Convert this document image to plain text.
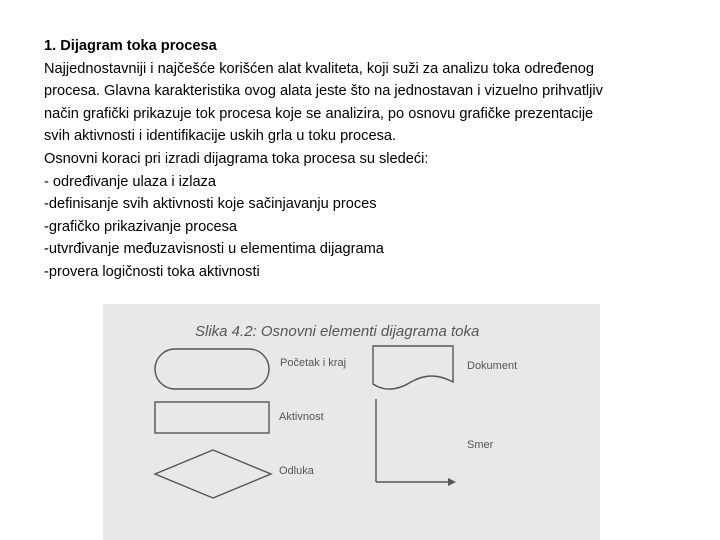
1. Dijagram toka procesa

Najjednostavniji i najčešće korišćen alat kvaliteta, koji suži za analizu toka određenog

procesa. Glavna karakteristika ovog alata jeste što na jednostavan i vizuelno prihvatljiv

način grafički prikazuje tok procesa koje se analizira, po osnovu grafičke prezentacije

svih aktivnosti i identifikacije uskih grla u toku procesa.

Osnovni koraci pri izradi dijagrama toka procesa su sledeći:

- određivanje ulaza i izlaza

-definisanje svih aktivnosti koje sačinjavanju proces

-grafičko prikazivanje procesa

-utvrđivanje međuzavisnosti u elementima dijagrama

-provera logičnosti toka aktivnosti

Slika 4.2: Osnovni elementi dijagrama toka
Početak i kraj	Dokument
Aktivnost
Smer
Odluka
